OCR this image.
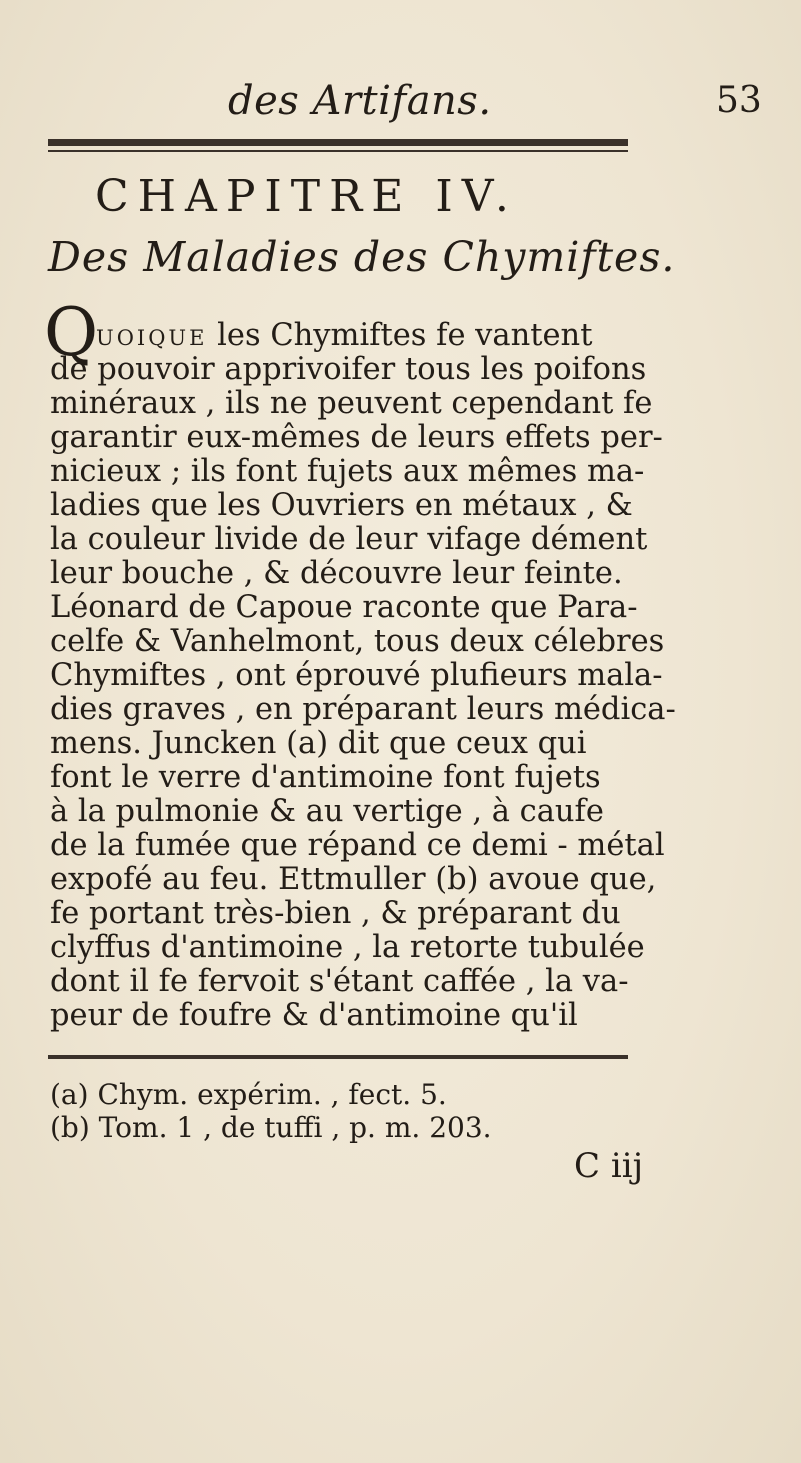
des Artifans.	53
CHAPITRE IV.
Des Maladies des Chymiftes.
Q
uoique les Chymiftes fe vantent
de pouvoir apprivoifer tous les poifons
minéraux , ils ne peuvent cependant fe
garantir eux-mêmes de leurs effets per-
nicieux ; ils font fujets aux mêmes ma-
ladies que les Ouvriers en métaux , &
la couleur livide de leur vifage dément
leur bouche , & découvre leur feinte.
Léonard de Capoue raconte que Para-
celfe & Vanhelmont, tous deux célebres
Chymiftes , ont éprouvé plufieurs mala-
dies graves , en préparant leurs médica-
mens. Juncken (a) dit que ceux qui
font le verre d'antimoine font fujets
à la pulmonie & au vertige , à caufe
de la fumée que répand ce demi - métal
expofé au feu. Ettmuller (b) avoue que,
fe portant très-bien , & préparant du
clyffus d'antimoine , la retorte tubulée
dont il fe fervoit s'étant caffée , la va-
peur de foufre & d'antimoine qu'il
(a) Chym. expérim. , fect. 5.
(b) Tom. 1 , de tuffi , p. m. 203.
C iij
